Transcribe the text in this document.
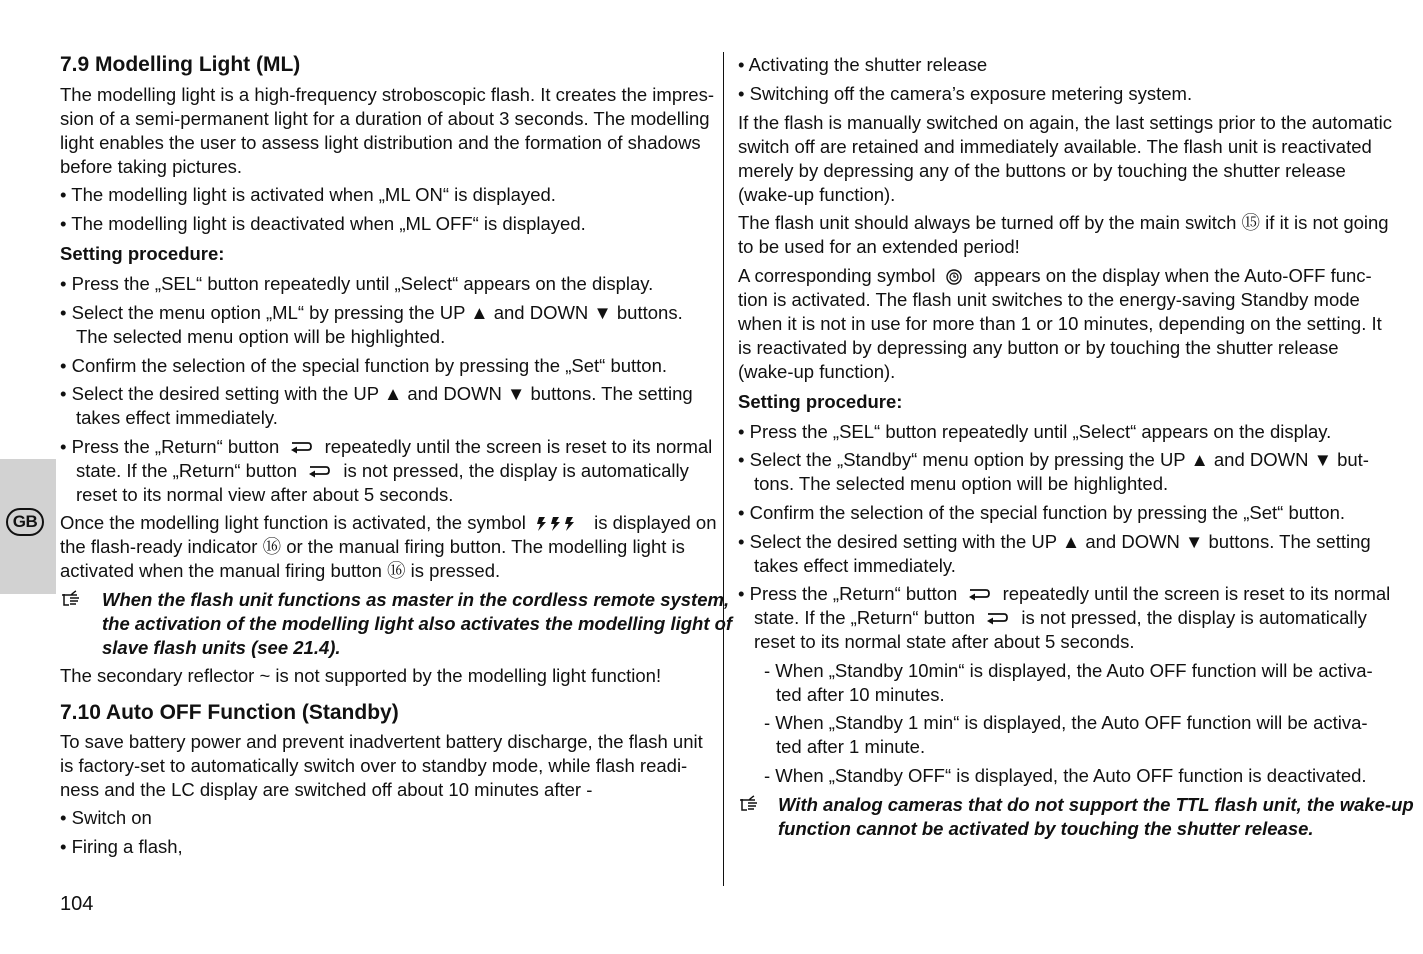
GB
7.9 Modelling Light (ML)
The modelling light is a high-frequency stroboscopic flash. It creates the impres-
sion of a semi-permanent light for a duration of about 3 seconds. The modelling
light enables the user to assess light distribution and the formation of shadows
before taking pictures.
• The modelling light is activated when „ML ON“ is displayed.
• The modelling light is deactivated when „ML OFF“ is displayed.
Setting procedure:
• Press the „SEL“ button repeatedly until „Select“ appears on the display.
• Select the menu option „ML“ by pressing the UP ▲ and DOWN ▼ buttons.
The selected menu option will be highlighted.
• Confirm the selection of the special function by pressing the „Set“ button.
• Select the desired setting with the UP ▲ and DOWN ▼ buttons. The setting
takes effect immediately.
• Press the „Return“ button repeatedly until the screen is reset to its normal
state. If the „Return“ button	is not pressed, the display is automatically
reset to its normal view after about 5 seconds.
Once the modelling light function is activated, the symbol	is displayed on
the flash-ready indicator ⑯ or the manual firing button. The modelling light is
activated when the manual firing button ⑯ is pressed.
When the flash unit functions as master in the cordless remote system,
the activation of the modelling light also activates the modelling light of
slave flash units (see 21.4).
The secondary reflector ~ is not supported by the modelling light function!
7.10 Auto OFF Function (Standby)
To save battery power and prevent inadvertent battery discharge, the flash unit
is factory-set to automatically switch over to standby mode, while flash readi-
ness and the LC display are switched off about 10 minutes after -
• Switch on
• Firing a flash,
• Activating the shutter release
• Switching off the camera’s exposure metering system.
If the flash is manually switched on again, the last settings prior to the automatic
switch off are retained and immediately available. The flash unit is reactivated
merely by depressing any of the buttons or by touching the shutter release
(wake-up function).
The flash unit should always be turned off by the main switch ⑮ if it is not going
to be used for an extended period!
A corresponding symbol appears on the display when the Auto-OFF func-
tion is activated. The flash unit switches to the energy-saving Standby mode
when it is not in use for more than 1 or 10 minutes, depending on the setting. It
is reactivated by depressing any button or by touching the shutter release
(wake-up function).
Setting procedure:
• Press the „SEL“ button repeatedly until „Select“ appears on the display.
• Select the „Standby“ menu option by pressing the UP ▲ and DOWN ▼ but-
tons. The selected menu option will be highlighted.
• Confirm the selection of the special function by pressing the „Set“ button.
• Select the desired setting with the UP ▲ and DOWN ▼ buttons. The setting
takes effect immediately.
• Press the „Return“ button repeatedly until the screen is reset to its normal
state. If the „Return“ button	is not pressed, the display is automatically
reset to its normal state after about 5 seconds.
- When „Standby 10min“ is displayed, the Auto OFF function will be activa-
ted after 10 minutes.
- When „Standby 1 min“ is displayed, the Auto OFF function will be activa-
ted after 1 minute.
- When „Standby OFF“ is displayed, the Auto OFF function is deactivated.
With analog cameras that do not support the TTL flash unit, the wake-up
function cannot be activated by touching the shutter release.
104
